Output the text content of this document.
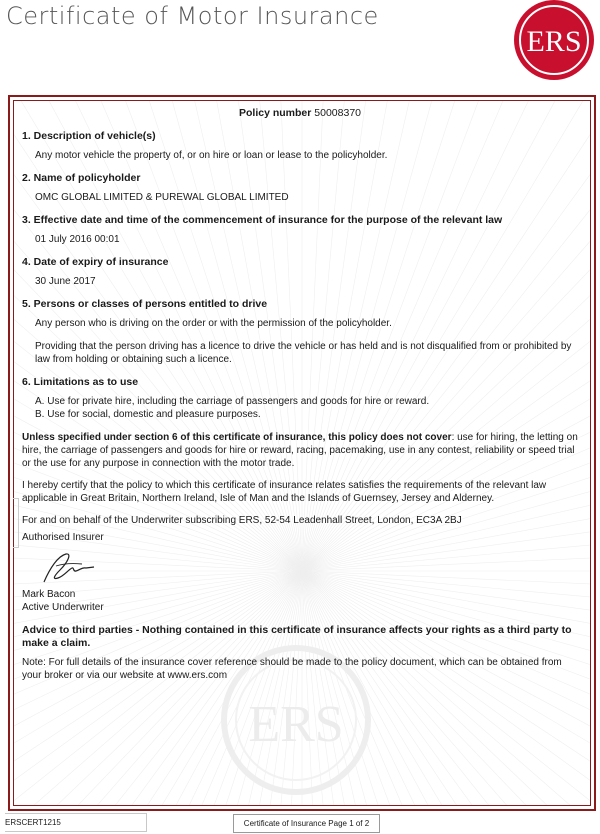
Certificate of Motor Insurance
ERS
ERS
Policy number 50008370
1. Description of vehicle(s)
Any motor vehicle the property of, or on hire or loan or lease to the policyholder.
2. Name of policyholder
OMC GLOBAL LIMITED & PUREWAL GLOBAL LIMITED
3. Effective date and time of the commencement of insurance for the purpose of the relevant law
01 July 2016 00:01
4. Date of expiry of insurance
30 June 2017
5. Persons or classes of persons entitled to drive
Any person who is driving on the order or with the permission of the policyholder.
Providing that the person driving has a licence to drive the vehicle or has held and is not disqualified from or prohibited by law from holding or obtaining such a licence.
6. Limitations as to use
A. Use for private hire, including the carriage of passengers and goods for hire or reward.
B. Use for social, domestic and pleasure purposes.
Unless specified under section 6 of this certificate of insurance, this policy does not cover: use for hiring, the letting on hire, the carriage of passengers and goods for hire or reward, racing, pacemaking, use in any contest, reliability or speed trial or the use for any purpose in connection with the motor trade.
I hereby certify that the policy to which this certificate of insurance relates satisfies the requirements of the relevant law applicable in Great Britain, Northern Ireland, Isle of Man and the Islands of Guernsey, Jersey and Alderney.
For and on behalf of the Underwriter subscribing ERS, 52-54 Leadenhall Street, London, EC3A 2BJ
Authorised Insurer
Mark Bacon
Active Underwriter
Advice to third parties - Nothing contained in this certificate of insurance affects your rights as a third party to make a claim.
Note: For full details of the insurance cover reference should be made to the policy document, which can be obtained from your broker or via our website at www.ers.com
ERSCERT1215	Certificate of Insurance Page 1 of 2
